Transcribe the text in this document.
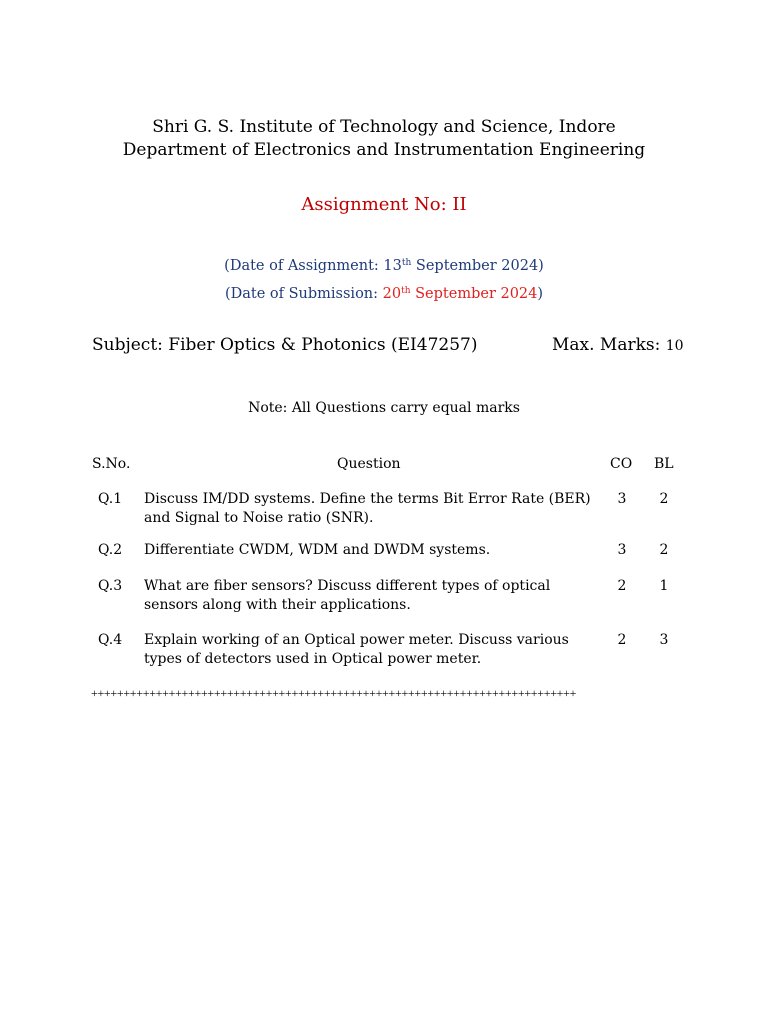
Shri G. S. Institute of Technology and Science, Indore
Department of Electronics and Instrumentation Engineering
Assignment No: II
(Date of Assignment: 13th September 2024)
(Date of Submission: 20th September 2024)
Subject: Fiber Optics & Photonics (EI47257)	Max. Marks: 10
Note: All Questions carry equal marks
S.No.	Question	CO BL
Q.1 Discuss IM/DD systems. Define the terms Bit Error Rate (BER)
and Signal to Noise ratio (SNR).
3 2
Q.2 Differentiate CWDM, WDM and DWDM systems.	3 2
Q.3 What are fiber sensors? Discuss different types of optical
sensors along with their applications.
2 1
Q.4 Explain working of an Optical power meter. Discuss various
types of detectors used in Optical power meter.
2 3
+++++++++++++++++++++++++++++++++++++++++++++++++++++++++++++++++++++++++++
